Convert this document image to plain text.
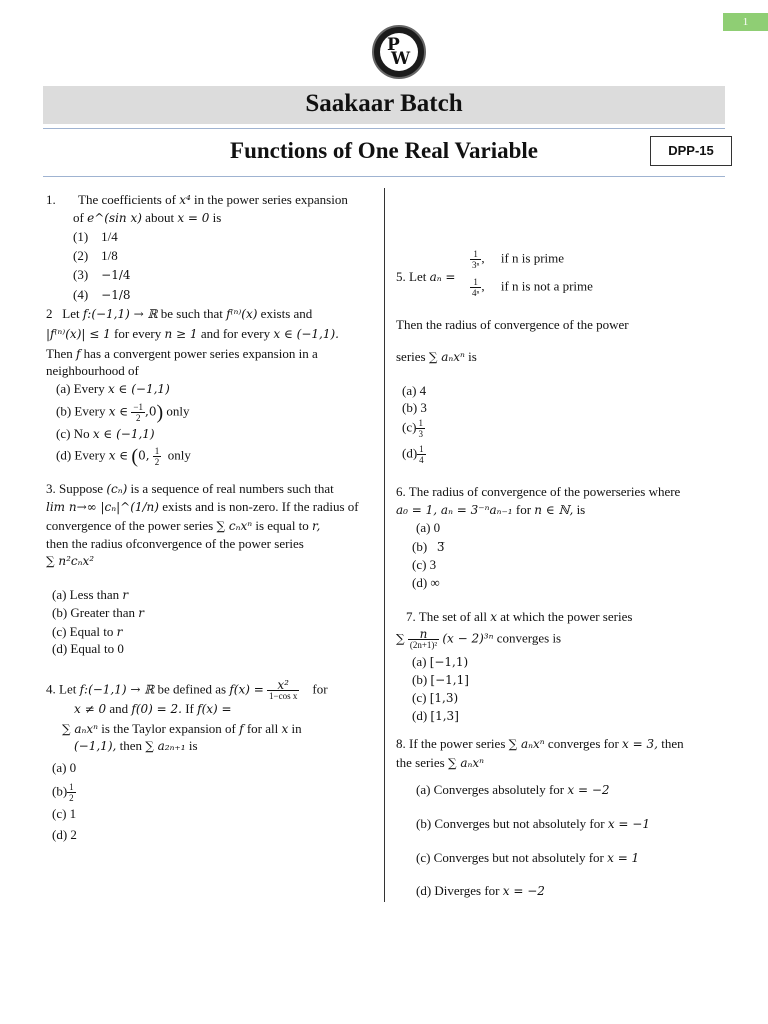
1
P
W
Saakaar Batch
Functions of One Real Variable	DPP-15
1. The coefficients of x⁴ in the power series expansion
of e^(sin x) about x = 0 is
(1) 1/4
(2) 1/8
(3) −1/4
(4) −1/8
2 Let f:(−1,1) → ℝ be such that f⁽ⁿ⁾(x) exists and
|f⁽ⁿ⁾(x)| ≤ 1 for every n ≥ 1 and for every x ∈ (−1,1).
Then f has a convergent power series expansion in a
neighbourhood of
(a) Every x ∈ (−1,1)
(b) Every x ∈ $\frac{-1}{2} ,0$) only
(c) No x ∈ (−1,1)
(d) Every x ∈ (0, $\frac{1}{2}$ only
3. Suppose (cₙ) is a sequence of real numbers such that
lim n→∞ |cₙ|^(1/n) exists and is non-zero. If the radius of
convergence of the power series ∑ cₙxⁿ is equal to r,
then the radius ofconvergence of the power series
∑ n²cₙx²
(a) Less than r
(b) Greater than r
(c) Equal to r
(d) Equal to 0
4. Let f:(−1,1) → ℝ be defined as $f(x) = \frac{\text{x²}}{\text{1−cos x}}$ for
x ≠ 0 and f(0) = 2. If f(x) =
∑ aₙxⁿ is the Taylor expansion of f for all x in
(−1,1), then ∑ a₂ₙ₊₁ is
(a) 0
$(b) \frac{1}{2}$
(c) 1
(d) 2
5. Let aₙ =
$\frac{1}{\text{3ⁿ}}$ ,     if n is prime
$\frac{1}{\text{4ⁿ}}$ ,     if n is not a prime
Then the radius of convergence of the power
series ∑ aₙxⁿ is
(a) 4
(b) 3
$(c) \frac{1}{3}$
$(d) \frac{1}{4}$
6. The radius of convergence of the powerseries where
a₀ = 1, aₙ = 3⁻ⁿaₙ₋₁ for n ∈ ℕ, is
(a) 0
(b) 3̅
(c) 3
(d) ∞
7. The set of all x at which the power series
∑ $\frac{n}{\text{(2n+1)²}} (x - 2)^{3n}$ converges is
(a) [−1,1)
(b) [−1,1]
(c) [1,3)
(d) [1,3]
8. If the power series ∑ aₙxⁿ converges for x = 3, then
the series ∑ aₙxⁿ
(a) Converges absolutely for x = −2
(b) Converges but not absolutely for x = −1
(c) Converges but not absolutely for x = 1
(d) Diverges for x = −2
